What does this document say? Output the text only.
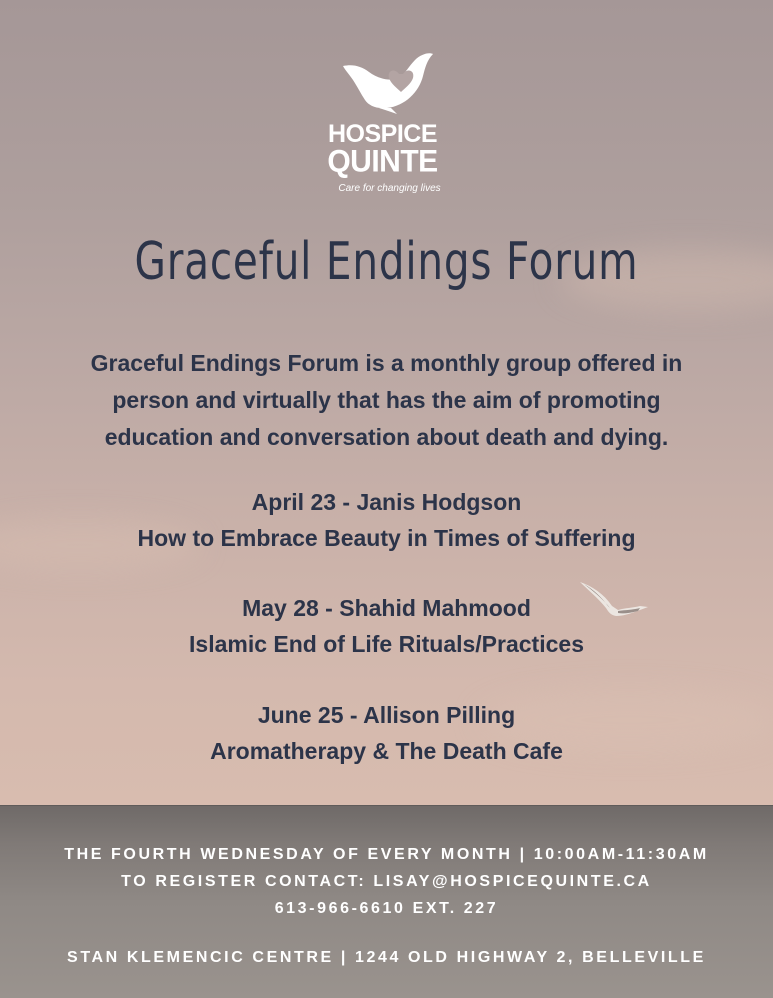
HOSPICE
QUINTE
Care for changing lives
Graceful Endings Forum
Graceful Endings Forum is a monthly group offered in person and virtually that has the aim of promoting education and conversation about death and dying.
April 23 - Janis Hodgson
How to Embrace Beauty in Times of Suffering
May 28 - Shahid Mahmood
Islamic End of Life Rituals/Practices
June 25 - Allison Pilling
Aromatherapy & The Death Cafe
THE FOURTH WEDNESDAY OF EVERY MONTH | 10:00AM-11:30AM
TO REGISTER CONTACT: LISAY@HOSPICEQUINTE.CA
613-966-6610 EXT. 227
STAN KLEMENCIC CENTRE | 1244 OLD HIGHWAY 2, BELLEVILLE
